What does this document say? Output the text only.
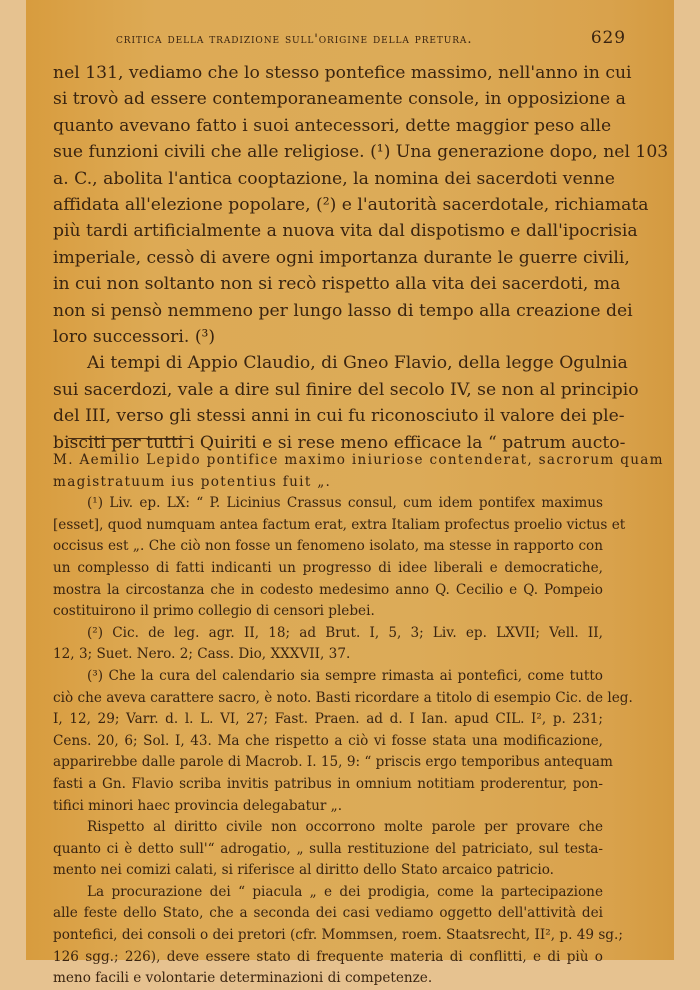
critica della tradizione sull'origine della pretura.	629

nel 131, vediamo che lo stesso pontefice massimo, nell'anno in cui
si trovò ad essere contemporaneamente console, in opposizione a
quanto avevano fatto i suoi antecessori, dette maggior peso alle
sue funzioni civili che alle religiose. (¹) Una generazione dopo, nel 103
a. C., abolita l'antica cooptazione, la nomina dei sacerdoti venne
affidata all'elezione popolare, (²) e l'autorità sacerdotale, richiamata
più tardi artificialmente a nuova vita dal dispotismo e dall'ipocrisia
imperiale, cessò di avere ogni importanza durante le guerre civili,
in cui non soltanto non si recò rispetto alla vita dei sacerdoti, ma
non si pensò nemmeno per lungo lasso di tempo alla creazione dei
loro successori. (³)

Ai tempi di Appio Claudio, di Gneo Flavio, della legge Ogulnia
sui sacerdozi, vale a dire sul finire del secolo IV, se non al principio
del III, verso gli stessi anni in cui fu riconosciuto il valore dei ple-
bisciti per tutti i Quiriti e si rese meno efficace la “ patrum aucto-

M. Aemilio Lepido pontifice maximo iniuriose contenderat, sacrorum quam
magistratuum ius potentius fuit „.

(¹) Liv. ep. LX: “ P. Licinius Crassus consul, cum idem pontifex maximus
[esset], quod numquam antea factum erat, extra Italiam profectus proelio victus et
occisus est „. Che ciò non fosse un fenomeno isolato, ma stesse in rapporto con
un complesso di fatti indicanti un progresso di idee liberali e democratiche,
mostra la circostanza che in codesto medesimo anno Q. Cecilio e Q. Pompeio
costituirono il primo collegio di censori plebei.

(²) Cic. de leg. agr. II, 18; ad Brut. I, 5, 3; Liv. ep. LXVII; Vell. II,
12, 3; Suet. Nero. 2; Cass. Dio, XXXVII, 37.

(³) Che la cura del calendario sia sempre rimasta ai pontefici, come tutto
ciò che aveva carattere sacro, è noto. Basti ricordare a titolo di esempio Cic. de leg.
I, 12, 29; Varr. d. l. L. VI, 27; Fast. Praen. ad d. I Ian. apud CIL. I², p. 231;
Cens. 20, 6; Sol. I, 43. Ma che rispetto a ciò vi fosse stata una modificazione,
apparirebbe dalle parole di Macrob. I. 15, 9: “ priscis ergo temporibus antequam
fasti a Gn. Flavio scriba invitis patribus in omnium notitiam proderentur, pon-
tifici minori haec provincia delegabatur „.

Rispetto al diritto civile non occorrono molte parole per provare che
quanto ci è detto sull'“ adrogatio, „ sulla restituzione del patriciato, sul testa-
mento nei comizi calati, si riferisce al diritto dello Stato arcaico patricio.

La procurazione dei “ piacula „ e dei prodigia, come la partecipazione
alle feste dello Stato, che a seconda dei casi vediamo oggetto dell'attività dei
pontefici, dei consoli o dei pretori (cfr. Mommsen, roem. Staatsrecht, II², p. 49 sg.;
126 sgg.; 226), deve essere stato di frequente materia di conflitti, e di più o
meno facili e volontarie determinazioni di competenze.
